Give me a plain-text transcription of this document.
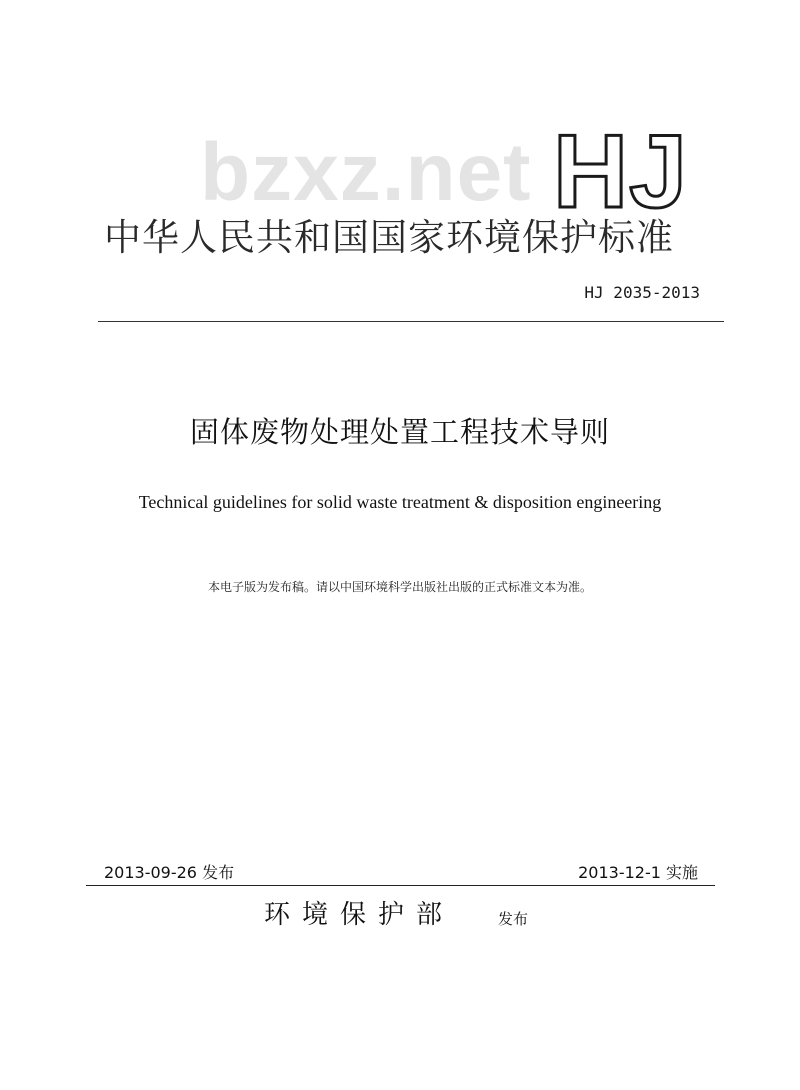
bzxz.net HJ
中华人民共和国国家环境保护标准
HJ 2035-2013
固体废物处理处置工程技术导则
Technical guidelines for solid waste treatment & disposition engineering
本电子版为发布稿。请以中国环境科学出版社出版的正式标准文本为准。
2013-09-26 发布	2013-12-1 实施
环境保护部	发布
